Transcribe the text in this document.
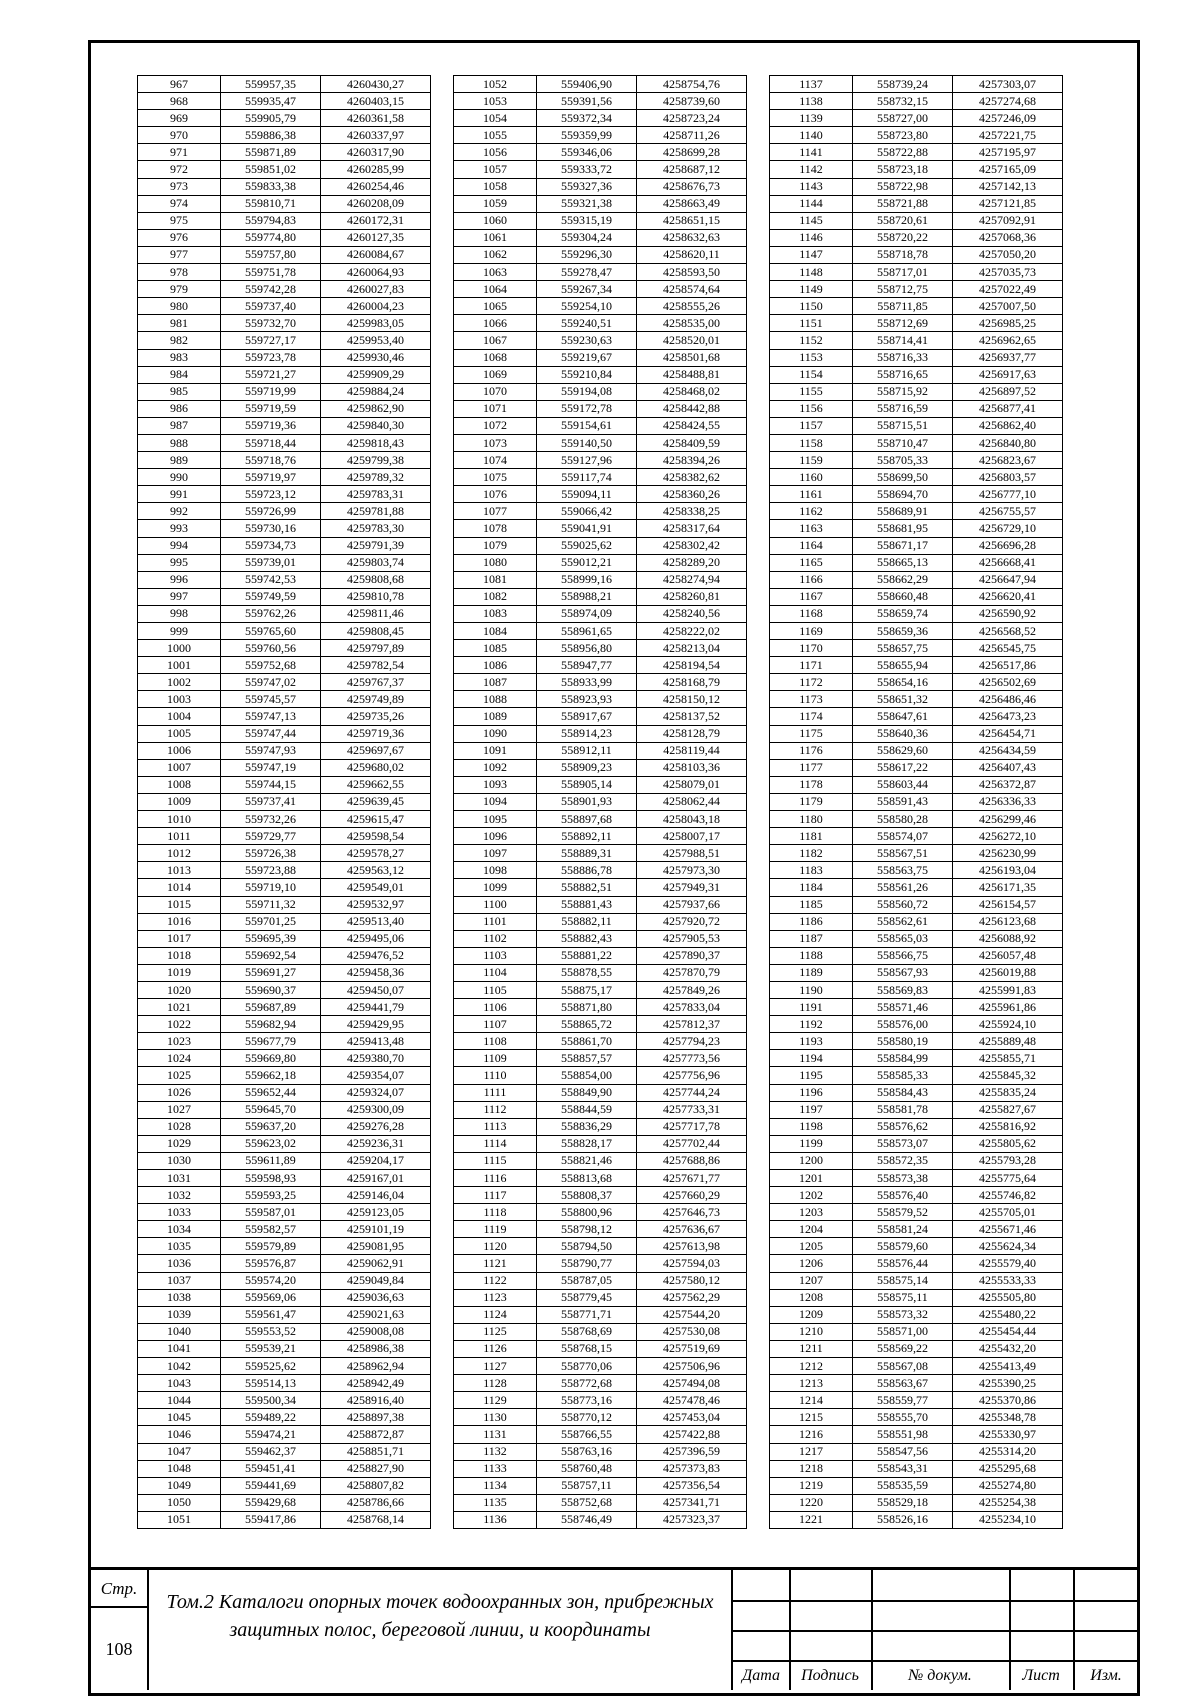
967	559957,35	4260430,27
968	559935,47	4260403,15
969	559905,79	4260361,58
970	559886,38	4260337,97
971	559871,89	4260317,90
972	559851,02	4260285,99
973	559833,38	4260254,46
974	559810,71	4260208,09
975	559794,83	4260172,31
976	559774,80	4260127,35
977	559757,80	4260084,67
978	559751,78	4260064,93
979	559742,28	4260027,83
980	559737,40	4260004,23
981	559732,70	4259983,05
982	559727,17	4259953,40
983	559723,78	4259930,46
984	559721,27	4259909,29
985	559719,99	4259884,24
986	559719,59	4259862,90
987	559719,36	4259840,30
988	559718,44	4259818,43
989	559718,76	4259799,38
990	559719,97	4259789,32
991	559723,12	4259783,31
992	559726,99	4259781,88
993	559730,16	4259783,30
994	559734,73	4259791,39
995	559739,01	4259803,74
996	559742,53	4259808,68
997	559749,59	4259810,78
998	559762,26	4259811,46
999	559765,60	4259808,45
1000	559760,56	4259797,89
1001	559752,68	4259782,54
1002	559747,02	4259767,37
1003	559745,57	4259749,89
1004	559747,13	4259735,26
1005	559747,44	4259719,36
1006	559747,93	4259697,67
1007	559747,19	4259680,02
1008	559744,15	4259662,55
1009	559737,41	4259639,45
1010	559732,26	4259615,47
1011	559729,77	4259598,54
1012	559726,38	4259578,27
1013	559723,88	4259563,12
1014	559719,10	4259549,01
1015	559711,32	4259532,97
1016	559701,25	4259513,40
1017	559695,39	4259495,06
1018	559692,54	4259476,52
1019	559691,27	4259458,36
1020	559690,37	4259450,07
1021	559687,89	4259441,79
1022	559682,94	4259429,95
1023	559677,79	4259413,48
1024	559669,80	4259380,70
1025	559662,18	4259354,07
1026	559652,44	4259324,07
1027	559645,70	4259300,09
1028	559637,20	4259276,28
1029	559623,02	4259236,31
1030	559611,89	4259204,17
1031	559598,93	4259167,01
1032	559593,25	4259146,04
1033	559587,01	4259123,05
1034	559582,57	4259101,19
1035	559579,89	4259081,95
1036	559576,87	4259062,91
1037	559574,20	4259049,84
1038	559569,06	4259036,63
1039	559561,47	4259021,63
1040	559553,52	4259008,08
1041	559539,21	4258986,38
1042	559525,62	4258962,94
1043	559514,13	4258942,49
1044	559500,34	4258916,40
1045	559489,22	4258897,38
1046	559474,21	4258872,87
1047	559462,37	4258851,71
1048	559451,41	4258827,90
1049	559441,69	4258807,82
1050	559429,68	4258786,66
1051	559417,86	4258768,14
1052	559406,90	4258754,76
1053	559391,56	4258739,60
1054	559372,34	4258723,24
1055	559359,99	4258711,26
1056	559346,06	4258699,28
1057	559333,72	4258687,12
1058	559327,36	4258676,73
1059	559321,38	4258663,49
1060	559315,19	4258651,15
1061	559304,24	4258632,63
1062	559296,30	4258620,11
1063	559278,47	4258593,50
1064	559267,34	4258574,64
1065	559254,10	4258555,26
1066	559240,51	4258535,00
1067	559230,63	4258520,01
1068	559219,67	4258501,68
1069	559210,84	4258488,81
1070	559194,08	4258468,02
1071	559172,78	4258442,88
1072	559154,61	4258424,55
1073	559140,50	4258409,59
1074	559127,96	4258394,26
1075	559117,74	4258382,62
1076	559094,11	4258360,26
1077	559066,42	4258338,25
1078	559041,91	4258317,64
1079	559025,62	4258302,42
1080	559012,21	4258289,20
1081	558999,16	4258274,94
1082	558988,21	4258260,81
1083	558974,09	4258240,56
1084	558961,65	4258222,02
1085	558956,80	4258213,04
1086	558947,77	4258194,54
1087	558933,99	4258168,79
1088	558923,93	4258150,12
1089	558917,67	4258137,52
1090	558914,23	4258128,79
1091	558912,11	4258119,44
1092	558909,23	4258103,36
1093	558905,14	4258079,01
1094	558901,93	4258062,44
1095	558897,68	4258043,18
1096	558892,11	4258007,17
1097	558889,31	4257988,51
1098	558886,78	4257973,30
1099	558882,51	4257949,31
1100	558881,43	4257937,66
1101	558882,11	4257920,72
1102	558882,43	4257905,53
1103	558881,22	4257890,37
1104	558878,55	4257870,79
1105	558875,17	4257849,26
1106	558871,80	4257833,04
1107	558865,72	4257812,37
1108	558861,70	4257794,23
1109	558857,57	4257773,56
1110	558854,00	4257756,96
1111	558849,90	4257744,24
1112	558844,59	4257733,31
1113	558836,29	4257717,78
1114	558828,17	4257702,44
1115	558821,46	4257688,86
1116	558813,68	4257671,77
1117	558808,37	4257660,29
1118	558800,96	4257646,73
1119	558798,12	4257636,67
1120	558794,50	4257613,98
1121	558790,77	4257594,03
1122	558787,05	4257580,12
1123	558779,45	4257562,29
1124	558771,71	4257544,20
1125	558768,69	4257530,08
1126	558768,15	4257519,69
1127	558770,06	4257506,96
1128	558772,68	4257494,08
1129	558773,16	4257478,46
1130	558770,12	4257453,04
1131	558766,55	4257422,88
1132	558763,16	4257396,59
1133	558760,48	4257373,83
1134	558757,11	4257356,54
1135	558752,68	4257341,71
1136	558746,49	4257323,37
1137	558739,24	4257303,07
1138	558732,15	4257274,68
1139	558727,00	4257246,09
1140	558723,80	4257221,75
1141	558722,88	4257195,97
1142	558723,18	4257165,09
1143	558722,98	4257142,13
1144	558721,88	4257121,85
1145	558720,61	4257092,91
1146	558720,22	4257068,36
1147	558718,78	4257050,20
1148	558717,01	4257035,73
1149	558712,75	4257022,49
1150	558711,85	4257007,50
1151	558712,69	4256985,25
1152	558714,41	4256962,65
1153	558716,33	4256937,77
1154	558716,65	4256917,63
1155	558715,92	4256897,52
1156	558716,59	4256877,41
1157	558715,51	4256862,40
1158	558710,47	4256840,80
1159	558705,33	4256823,67
1160	558699,50	4256803,57
1161	558694,70	4256777,10
1162	558689,91	4256755,57
1163	558681,95	4256729,10
1164	558671,17	4256696,28
1165	558665,13	4256668,41
1166	558662,29	4256647,94
1167	558660,48	4256620,41
1168	558659,74	4256590,92
1169	558659,36	4256568,52
1170	558657,75	4256545,75
1171	558655,94	4256517,86
1172	558654,16	4256502,69
1173	558651,32	4256486,46
1174	558647,61	4256473,23
1175	558640,36	4256454,71
1176	558629,60	4256434,59
1177	558617,22	4256407,43
1178	558603,44	4256372,87
1179	558591,43	4256336,33
1180	558580,28	4256299,46
1181	558574,07	4256272,10
1182	558567,51	4256230,99
1183	558563,75	4256193,04
1184	558561,26	4256171,35
1185	558560,72	4256154,57
1186	558562,61	4256123,68
1187	558565,03	4256088,92
1188	558566,75	4256057,48
1189	558567,93	4256019,88
1190	558569,83	4255991,83
1191	558571,46	4255961,86
1192	558576,00	4255924,10
1193	558580,19	4255889,48
1194	558584,99	4255855,71
1195	558585,33	4255845,32
1196	558584,43	4255835,24
1197	558581,78	4255827,67
1198	558576,62	4255816,92
1199	558573,07	4255805,62
1200	558572,35	4255793,28
1201	558573,38	4255775,64
1202	558576,40	4255746,82
1203	558579,52	4255705,01
1204	558581,24	4255671,46
1205	558579,60	4255624,34
1206	558576,44	4255579,40
1207	558575,14	4255533,33
1208	558575,11	4255505,80
1209	558573,32	4255480,22
1210	558571,00	4255454,44
1211	558569,22	4255432,20
1212	558567,08	4255413,49
1213	558563,67	4255390,25
1214	558559,77	4255370,86
1215	558555,70	4255348,78
1216	558551,98	4255330,97
1217	558547,56	4255314,20
1218	558543,31	4255295,68
1219	558535,59	4255274,80
1220	558529,18	4255254,38
1221	558526,16	4255234,10
Стр.
108
Том.2 Каталоги опорных точек водоохранных зон, прибрежных защитных полос, береговой линии, и координаты
Дата	Подпись	№ докум.	Лист	Изм.
